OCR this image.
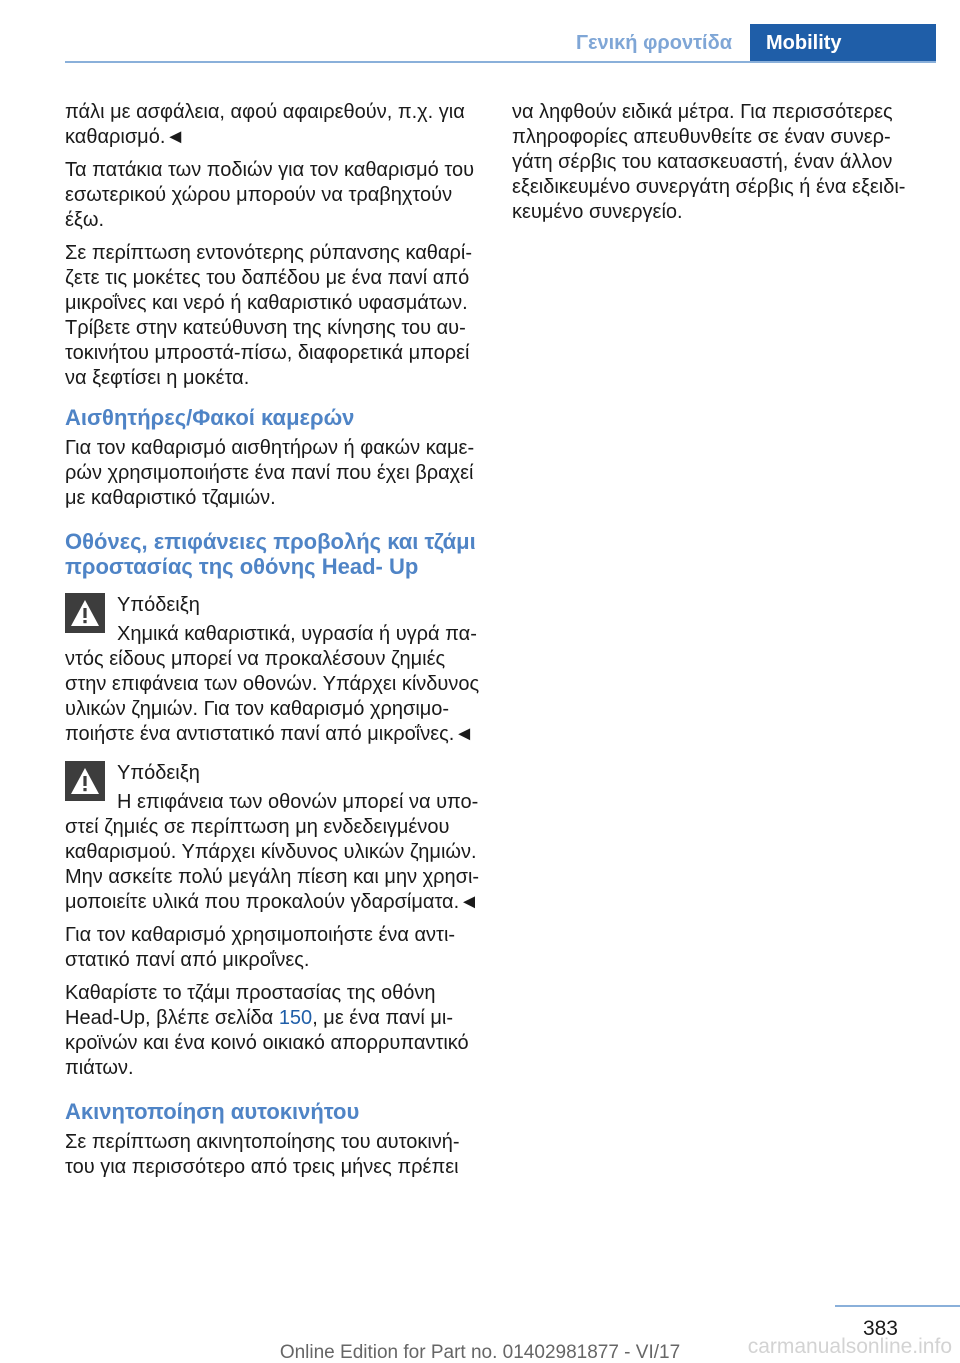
Γενική φροντίδα	Mobility

πάλι με ασφάλεια, αφού αφαιρεθούν, π.χ. για καθαρισμό.◄

Τα πατάκια των ποδιών για τον καθαρισμό του εσωτερικού χώρου μπορούν να τραβηχτούν έξω.

Σε περίπτωση εντονότερης ρύπανσης καθαρί‐ ζετε τις μοκέτες του δαπέδου με ένα πανί από μικροΐνες και νερό ή καθαριστικό υφασμάτων. Τρίβετε στην κατεύθυνση της κίνησης του αυ‐ τοκινήτου μπροστά-πίσω, διαφορετικά μπορεί να ξεφτίσει η μοκέτα.

Αισθητήρες/Φακοί καμερών

Για τον καθαρισμό αισθητήρων ή φακών καμε‐ ρών χρησιμοποιήστε ένα πανί που έχει βραχεί με καθαριστικό τζαμιών.

Οθόνες, επιφάνειες προβολής και τζάμι προστασίας της οθόνης Head- Up

Υπόδειξη

Χημικά καθαριστικά, υγρασία ή υγρά πα‐

ντός είδους μπορεί να προκαλέσουν ζημιές στην επιφάνεια των οθονών. Υπάρχει κίνδυνος υλικών ζημιών. Για τον καθαρισμό χρησιμο‐ ποιήστε ένα αντιστατικό πανί από μικροΐνες.◄

Υπόδειξη

Η επιφάνεια των οθονών μπορεί να υπο‐

στεί ζημιές σε περίπτωση μη ενδεδειγμένου καθαρισμού. Υπάρχει κίνδυνος υλικών ζημιών. Μην ασκείτε πολύ μεγάλη πίεση και μην χρησι‐ μοποιείτε υλικά που προκαλούν γδαρσίματα.◄

Για τον καθαρισμό χρησιμοποιήστε ένα αντι‐ στατικό πανί από μικροΐνες.

Καθαρίστε το τζάμι προστασίας της οθόνη Head-Up, βλέπε σελίδα 150, με ένα πανί μι‐ κροϊνών και ένα κοινό οικιακό απορρυπαντικό πιάτων.

Ακινητοποίηση αυτοκινήτου

Σε περίπτωση ακινητοποίησης του αυτοκινή‐ του για περισσότερο από τρεις μήνες πρέπει

να ληφθούν ειδικά μέτρα. Για περισσότερες πληροφορίες απευθυνθείτε σε έναν συνερ‐ γάτη σέρβις του κατασκευαστή, έναν άλλον εξειδικευμένο συνεργάτη σέρβις ή ένα εξειδι‐ κευμένο συνεργείο.

383
carmanualsonline.info
Online Edition for Part no. 01402981877 - VI/17
